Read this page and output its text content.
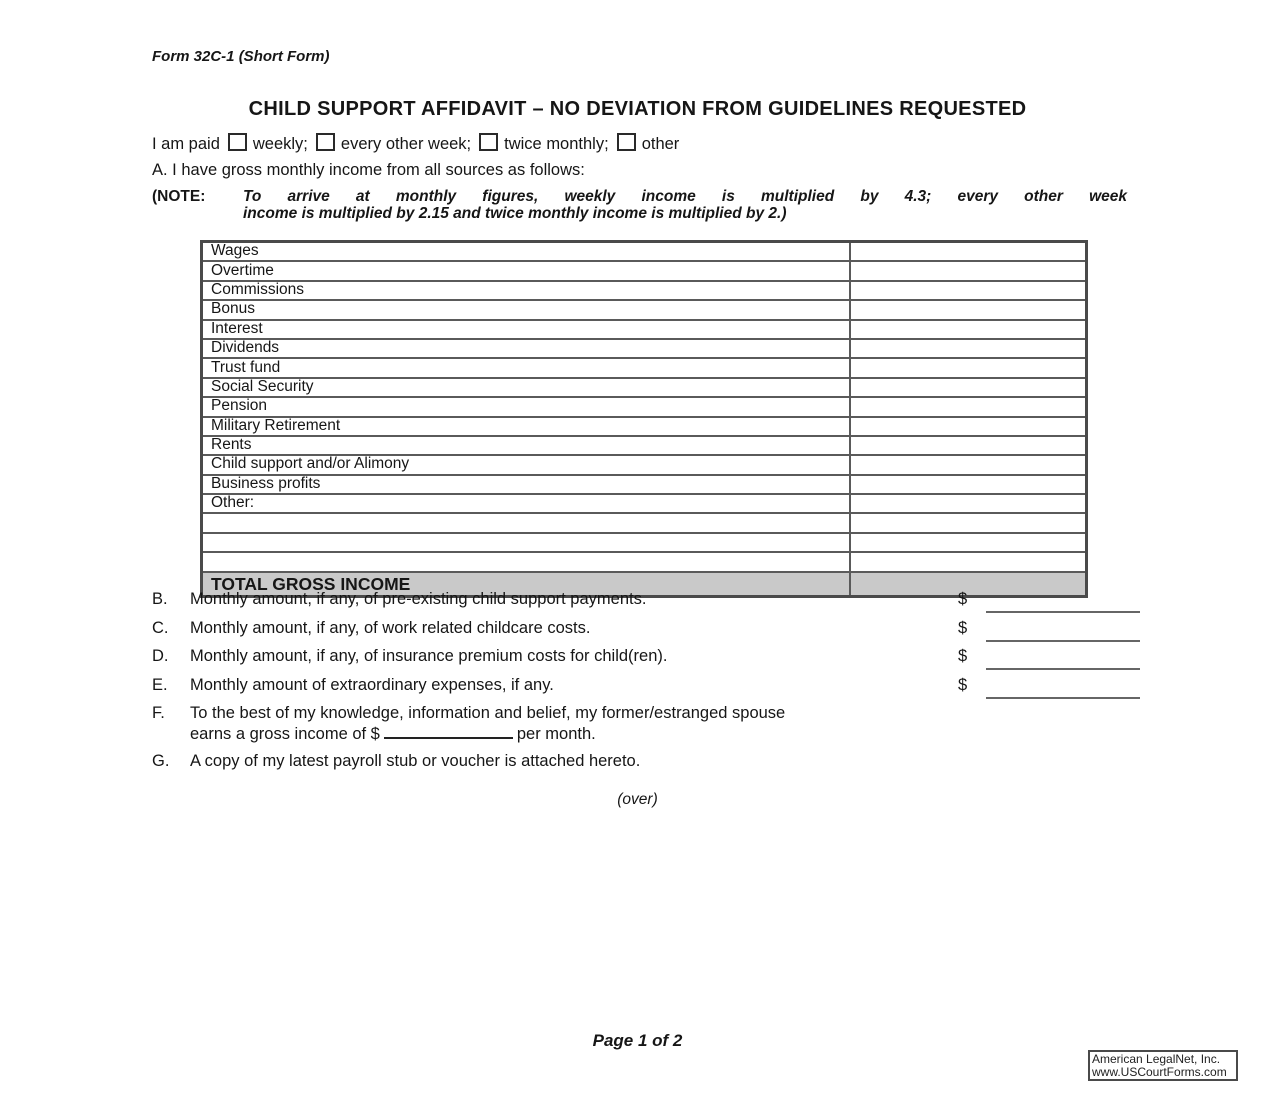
Form 32C-1 (Short Form)
CHILD SUPPORT AFFIDAVIT – NO DEVIATION FROM GUIDELINES REQUESTED
I am paid weekly; every other week; twice monthly; other
A. I have gross monthly income from all sources as follows:
(NOTE: To arrive at monthly figures, weekly income is multiplied by 4.3; every other week
income is multiplied by 2.15 and twice monthly income is multiplied by 2.)
Wages	
Overtime	
Commissions	
Bonus	
Interest	
Dividends	
Trust fund	
Social Security	
Pension	
Military Retirement	
Rents	
Child support and/or Alimony	
Business profits	
Other:	

TOTAL GROSS INCOME	
B. Monthly amount, if any, of pre-existing child support payments.	$
C. Monthly amount, if any, of work related childcare costs.	$
D. Monthly amount, if any, of insurance premium costs for child(ren).	$
E. Monthly amount of extraordinary expenses, if any.	$
F. To the best of my knowledge, information and belief, my former/estranged spouse
earns a gross income of $	per month.
G. A copy of my latest payroll stub or voucher is attached hereto.
(over)
Page 1 of 2
American LegalNet, Inc.
www.USCourtForms.com
